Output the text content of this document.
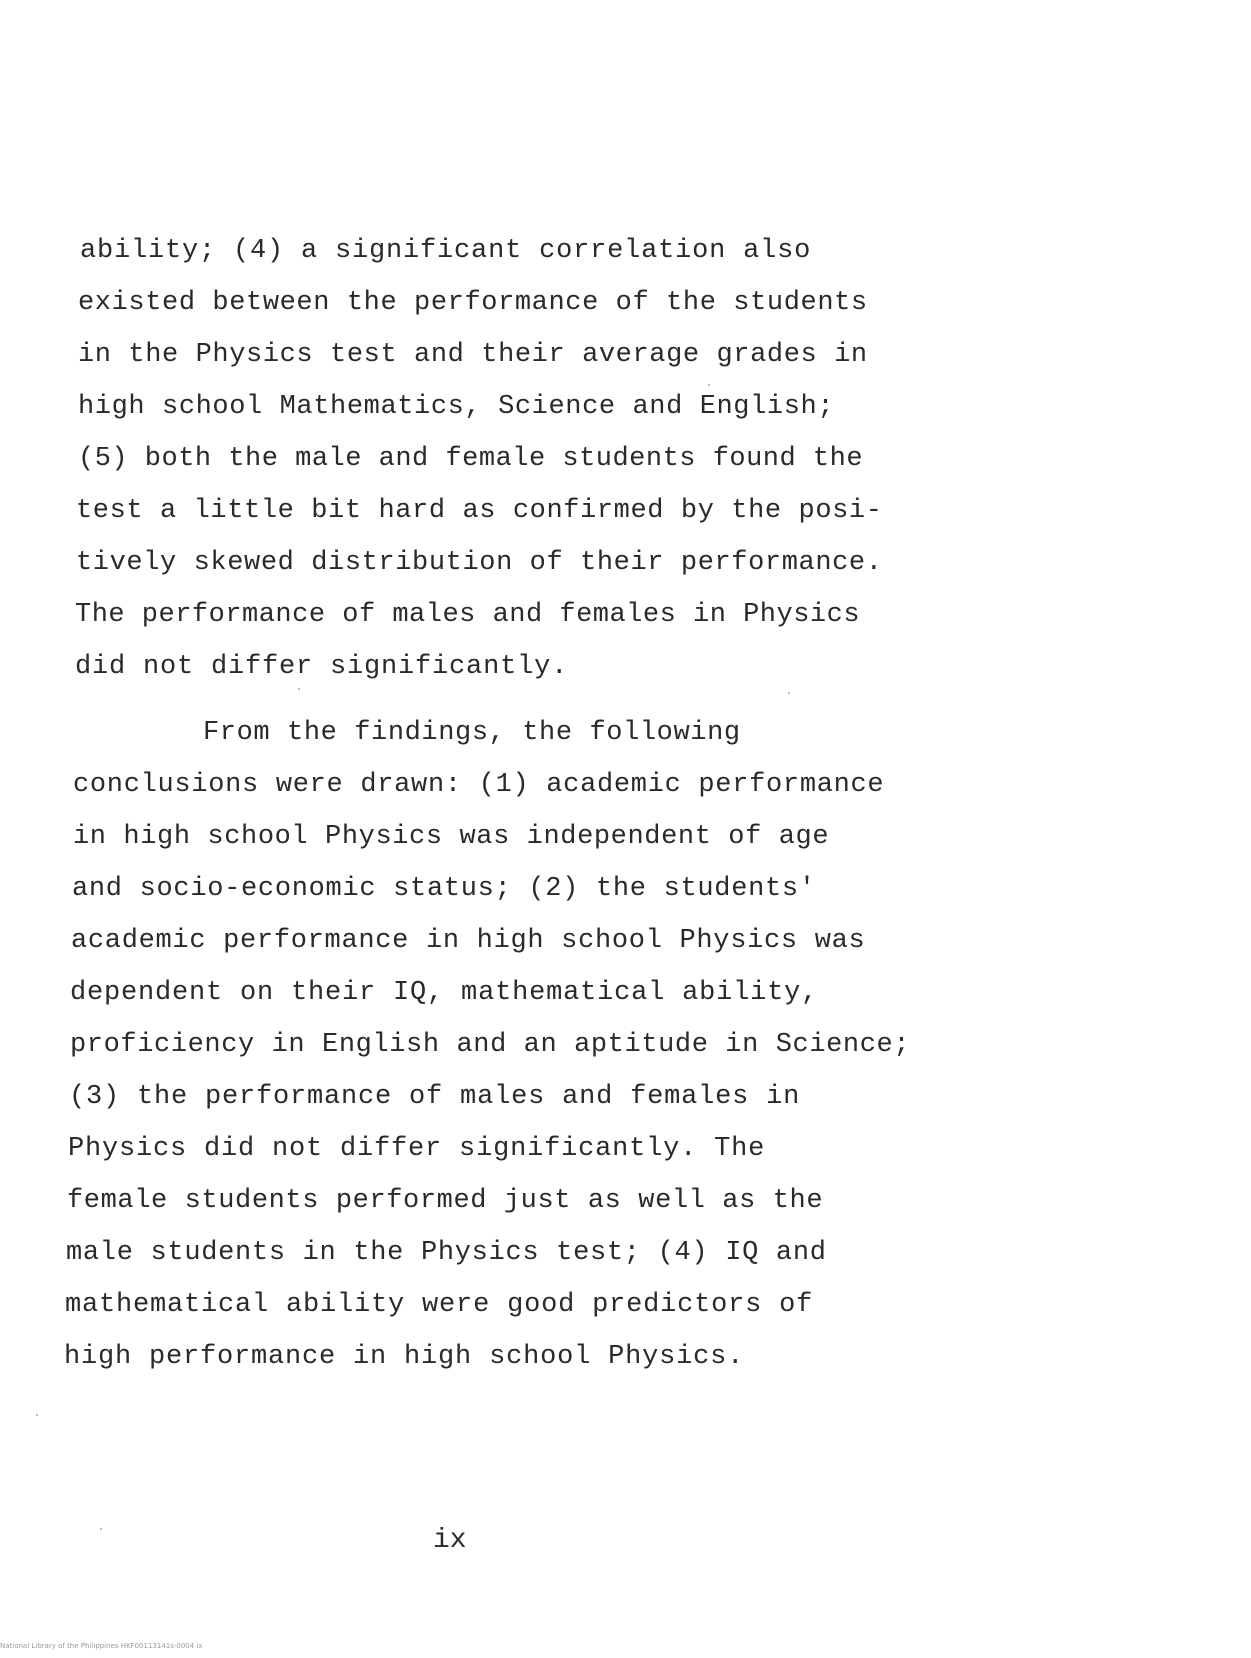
ability; (4) a significant correlation also
existed between the performance of the students
in the Physics test and their average grades in
high school Mathematics, Science and English;
(5) both the male and female students found the
test a little bit hard as confirmed by the posi-
tively skewed distribution of their performance.
The performance of males and females in Physics
did not differ significantly.
From the findings, the following
conclusions were drawn: (1) academic performance
in high school Physics was independent of age
and socio-economic status; (2) the students'
academic performance in high school Physics was
dependent on their IQ, mathematical ability,
proficiency in English and an aptitude in Science;
(3) the performance of males and females in
Physics did not differ significantly. The
female students performed just as well as the
male students in the Physics test; (4) IQ and
mathematical ability were good predictors of
high performance in high school Physics.
ix
National Library of the Philippines HKF00113141s-0004 ix
